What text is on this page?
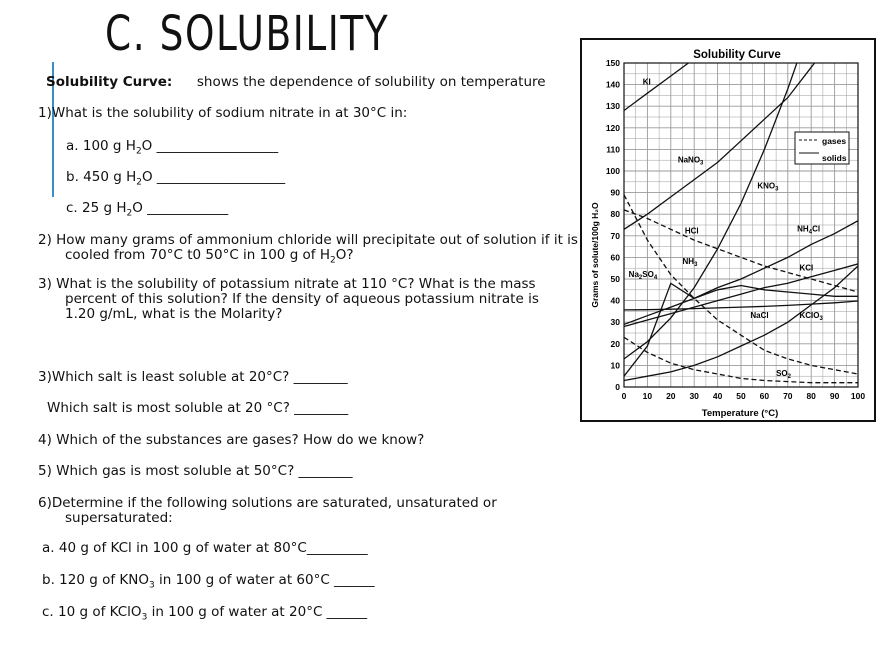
C. SOLUBILITY
Solubility Curve: shows the dependence of solubility on temperature
1)What is the solubility of sodium nitrate in at 30°C in:
a. 100 g $H_2O$ __________________
b. 450 g $H_2O$ ___________________
c. 25 g $H_2O$ ____________
2) How many grams of ammonium chloride will precipitate out of solution if it is
cooled from 70°C t0 50°C in 100 g of $H_2O$?
3) What is the solubility of potassium nitrate at 110 °C? What is the mass
percent of this solution? If the density of aqueous potassium nitrate is
1.20 g/mL, what is the Molarity?
3)Which salt is least soluble at 20°C? ________
Which salt is most soluble at 20 °C? ________
4) Which of the substances are gases? How do we know?
5) Which gas is most soluble at 50°C? ________
6)Determine if the following solutions are saturated, unsaturated or
supersaturated:
a. 40 g of KCl in 100 g of water at 80°C_________
b. 120 g of $KNO_3$ in 100 g of water at 60°C ______
c. 10 g of KClO$_3$ in 100 g of water at 20°C ______
Solubility Curve
0
10
20
30
40
50
60
70
80
90
100
110
120
130
140
150
0 10 20 30 40 50 60 70 80 90 100
KI
NaNO$_3$
$KNO_3$
HCl
$NH_3$
$Na_2SO_4$
$NH_4Cl$
KCl
NaCl	KClO$_3$
$SO_2$
Temperature (°C)
Grams of solute/100g H₂O
gases
solids
